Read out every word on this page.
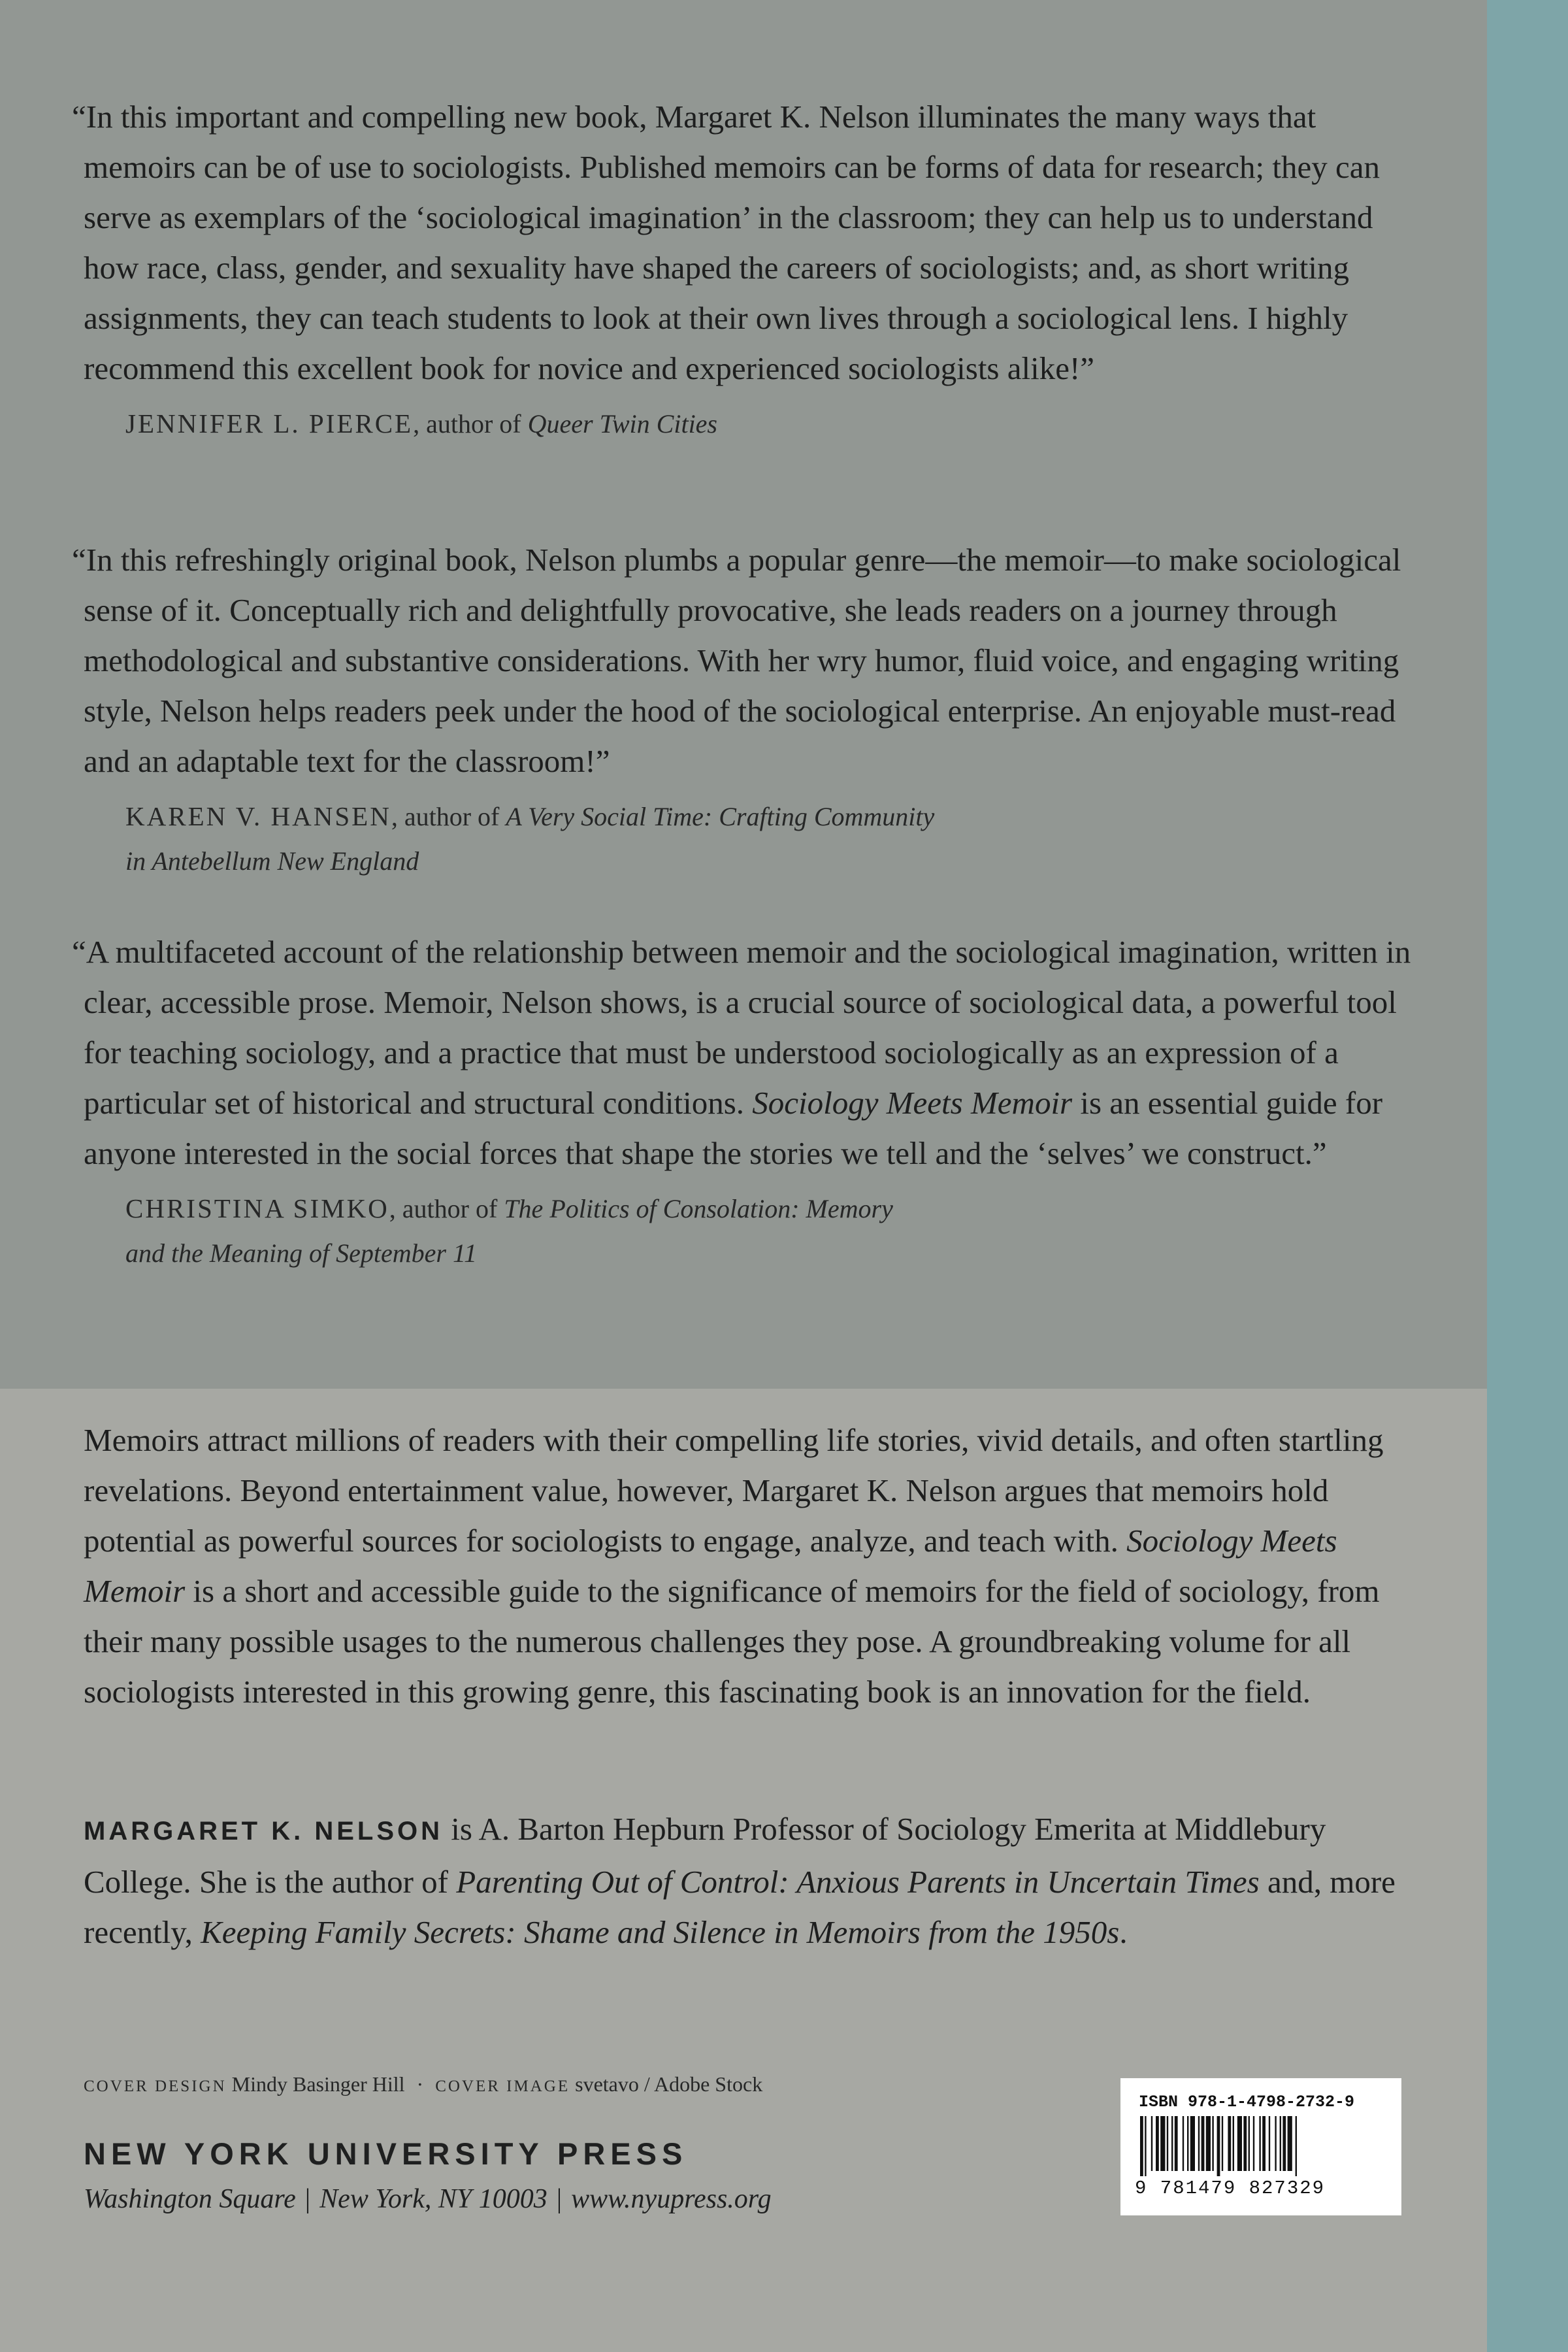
“In this important and compelling new book, Margaret K. Nelson illuminates the many ways that memoirs can be of use to sociologists. Published memoirs can be forms of data for research; they can serve as exemplars of the ‘sociological imagination’ in the classroom; they can help us to understand how race, class, gender, and sexuality have shaped the careers of sociologists; and, as short writing assignments, they can teach students to look at their own lives through a sociological lens. I highly recommend this excellent book for novice and experienced sociologists alike!”

JENNIFER L. PIERCE, author of Queer Twin Cities

“In this refreshingly original book, Nelson plumbs a popular genre—the memoir—to make sociological sense of it. Conceptually rich and delightfully provocative, she leads readers on a journey through methodological and substantive considerations. With her wry humor, fluid voice, and engaging writing style, Nelson helps readers peek under the hood of the sociological enterprise. An enjoyable must-read and an adaptable text for the classroom!”

KAREN V. HANSEN, author of A Very Social Time: Crafting Community
in Antebellum New England

“A multifaceted account of the relationship between memoir and the sociological imagination, written in clear, accessible prose. Memoir, Nelson shows, is a crucial source of sociological data, a powerful tool for teaching sociology, and a practice that must be understood sociologically as an expression of a particular set of historical and structural conditions. Sociology Meets Memoir is an essential guide for anyone interested in the social forces that shape the stories we tell and the ‘selves’ we construct.”

CHRISTINA SIMKO, author of The Politics of Consolation: Memory
and the Meaning of September 11

Memoirs attract millions of readers with their compelling life stories, vivid details, and often startling revelations. Beyond entertainment value, however, Margaret K. Nelson argues that memoirs hold potential as powerful sources for sociologists to engage, analyze, and teach with. Sociology Meets Memoir is a short and accessible guide to the significance of memoirs for the field of sociology, from their many possible usages to the numerous challenges they pose. A groundbreaking volume for all sociologists interested in this growing genre, this fascinating book is an innovation for the field.

MARGARET K. NELSON is A. Barton Hepburn Professor of Sociology Emerita at Middlebury College. She is the author of Parenting Out of Control: Anxious Parents in Uncertain Times and, more recently, Keeping Family Secrets: Shame and Silence in Memoirs from the 1950s.

COVER DESIGN Mindy Basinger Hill · COVER IMAGE svetavo / Adobe Stock
NEW YORK UNIVERSITY PRESS
Washington Square | New York, NY 10003 | www.nyupress.org
ISBN 978-1-4798-2732-9
9 781479 827329
